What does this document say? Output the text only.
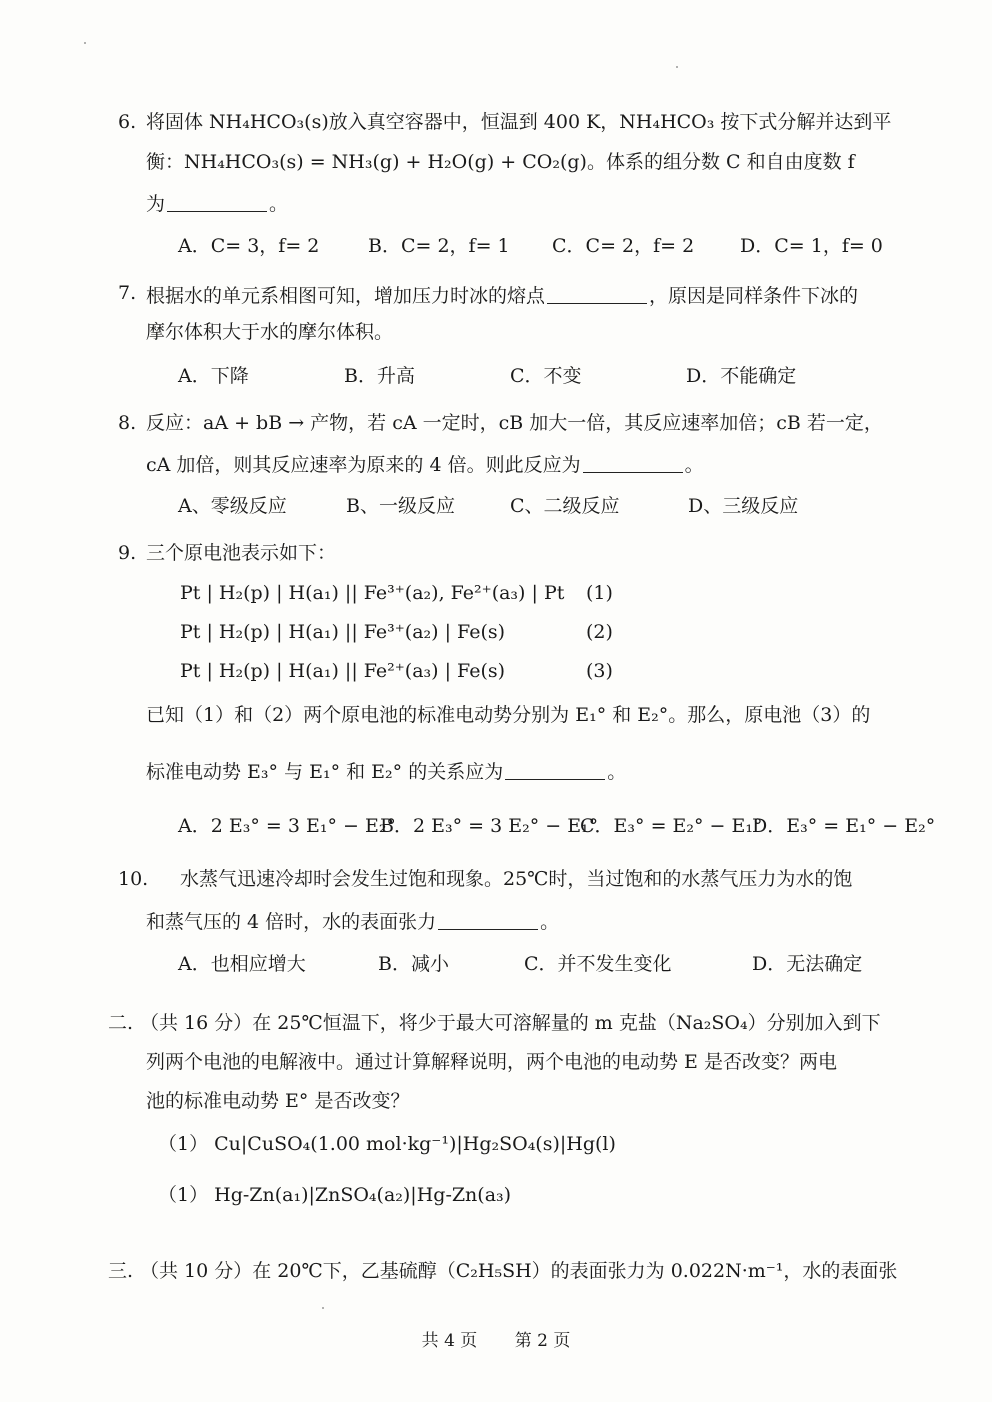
6. 将固体 NH₄HCO₃(s)放入真空容器中，恒温到 400 K，NH₄HCO₃ 按下式分解并达到平
衡：NH₄HCO₃(s) = NH₃(g) + H₂O(g) + CO₂(g)。体系的组分数 C 和自由度数 f
为	。
A．C= 3，f= 2	B．C= 2，f= 1 C．C= 2，f= 2 D．C= 1，f= 0
7. 根据水的单元系相图可知，增加压力时冰的熔点	，原因是同样条件下冰的
摩尔体积大于水的摩尔体积。
A．下降	B．升高	C．不变	D．不能确定
8. 反应：aA + bB → 产物，若 cA 一定时，cB 加大一倍，其反应速率加倍；cB 若一定，
cA 加倍，则其反应速率为原来的 4 倍。则此反应为	。
A、零级反应	B、一级反应	C、二级反应	D、三级反应
9. 三个原电池表示如下：
Pt | H₂(p) | H(a₁) || Fe³⁺(a₂), Fe²⁺(a₃) | Pt (1)
Pt | H₂(p) | H(a₁) || Fe³⁺(a₂) | Fe(s)	(2)
Pt | H₂(p) | H(a₁) || Fe²⁺(a₃) | Fe(s)	(3)
已知（1）和（2）两个原电池的标准电动势分别为 E₁° 和 E₂°。那么，原电池（3）的
标准电动势 E₃° 与 E₁° 和 E₂° 的关系应为	。
A．2 E₃° = 3 E₁° − E₂°
B．2 E₃° = 3 E₂° − E₁°
C．E₃° = E₂° − E₁°
D．E₃° = E₁° − E₂°
10. 水蒸气迅速冷却时会发生过饱和现象。25℃时，当过饱和的水蒸气压力为水的饱
和蒸气压的 4 倍时，水的表面张力	。
A．也相应增大	B．减小	C．并不发生变化	D．无法确定
二. （共 16 分）在 25℃恒温下，将少于最大可溶解量的 m 克盐（Na₂SO₄）分别加入到下
列两个电池的电解液中。通过计算解释说明，两个电池的电动势 E 是否改变？两电
池的标准电动势 E° 是否改变？
（1） Cu|CuSO₄(1.00 mol·kg⁻¹)|Hg₂SO₄(s)|Hg(l)
（1） Hg-Zn(a₁)|ZnSO₄(a₂)|Hg-Zn(a₃)
三. （共 10 分）在 20℃下，乙基硫醇（C₂H₅SH）的表面张力为 0.022N·m⁻¹，水的表面张
共 4 页 第 2 页
